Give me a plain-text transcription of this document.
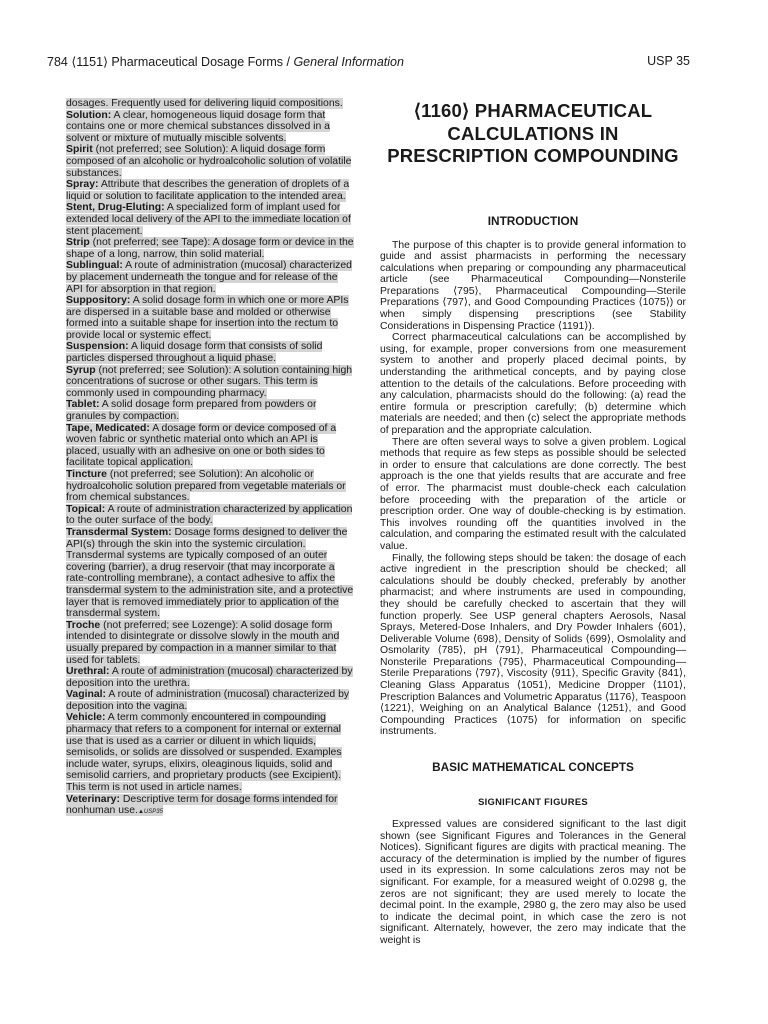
784 ⟨1151⟩ Pharmaceutical Dosage Forms / General Information	USP 35

dosages. Frequently used for delivering liquid compositions.

Solution: A clear, homogeneous liquid dosage form that contains one or more chemical substances dissolved in a solvent or mixture of mutually miscible solvents.

Spirit (not preferred; see Solution): A liquid dosage form composed of an alcoholic or hydroalcoholic solution of volatile substances.

Spray: Attribute that describes the generation of droplets of a liquid or solution to facilitate application to the intended area.

Stent, Drug-Eluting: A specialized form of implant used for extended local delivery of the API to the immediate location of stent placement.

Strip (not preferred; see Tape): A dosage form or device in the shape of a long, narrow, thin solid material.

Sublingual: A route of administration (mucosal) characterized by placement underneath the tongue and for release of the API for absorption in that region.

Suppository: A solid dosage form in which one or more APIs are dispersed in a suitable base and molded or otherwise formed into a suitable shape for insertion into the rectum to provide local or systemic effect.

Suspension: A liquid dosage form that consists of solid particles dispersed throughout a liquid phase.

Syrup (not preferred; see Solution): A solution containing high concentrations of sucrose or other sugars. This term is commonly used in compounding pharmacy.

Tablet: A solid dosage form prepared from powders or granules by compaction.

Tape, Medicated: A dosage form or device composed of a woven fabric or synthetic material onto which an API is placed, usually with an adhesive on one or both sides to facilitate topical application.

Tincture (not preferred; see Solution): An alcoholic or hydroalcoholic solution prepared from vegetable materials or from chemical substances.

Topical: A route of administration characterized by application to the outer surface of the body.

Transdermal System: Dosage forms designed to deliver the API(s) through the skin into the systemic circulation. Transdermal systems are typically composed of an outer covering (barrier), a drug reservoir (that may incorporate a rate-controlling membrane), a contact adhesive to affix the transdermal system to the administration site, and a protective layer that is removed immediately prior to application of the transdermal system.

Troche (not preferred; see Lozenge): A solid dosage form intended to disintegrate or dissolve slowly in the mouth and usually prepared by compaction in a manner similar to that used for tablets.

Urethral: A route of administration (mucosal) characterized by deposition into the urethra.

Vaginal: A route of administration (mucosal) characterized by deposition into the vagina.

Vehicle: A term commonly encountered in compounding pharmacy that refers to a component for internal or external use that is used as a carrier or diluent in which liquids, semisolids, or solids are dissolved or suspended. Examples include water, syrups, elixirs, oleaginous liquids, solid and semisolid carriers, and proprietary products (see Excipient). This term is not used in article names.

Veterinary: Descriptive term for dosage forms intended for nonhuman use.▲USP35

⟨1160⟩ PHARMACEUTICAL
CALCULATIONS IN
PRESCRIPTION COMPOUNDING
INTRODUCTION

The purpose of this chapter is to provide general information to guide and assist pharmacists in performing the necessary calculations when preparing or compounding any pharmaceutical article (see Pharmaceutical Compounding—Nonsterile Preparations ⟨795⟩, Pharmaceutical Compounding—Sterile Preparations ⟨797⟩, and Good Compounding Practices ⟨1075⟩) or when simply dispensing prescriptions (see Stability Considerations in Dispensing Practice ⟨1191⟩).

Correct pharmaceutical calculations can be accomplished by using, for example, proper conversions from one measurement system to another and properly placed decimal points, by understanding the arithmetical concepts, and by paying close attention to the details of the calculations. Before proceeding with any calculation, pharmacists should do the following: (a) read the entire formula or prescription carefully; (b) determine which materials are needed; and then (c) select the appropriate methods of preparation and the appropriate calculation.

There are often several ways to solve a given problem. Logical methods that require as few steps as possible should be selected in order to ensure that calculations are done correctly. The best approach is the one that yields results that are accurate and free of error. The pharmacist must double-check each calculation before proceeding with the preparation of the article or prescription order. One way of double-checking is by estimation. This involves rounding off the quantities involved in the calculation, and comparing the estimated result with the calculated value.

Finally, the following steps should be taken: the dosage of each active ingredient in the prescription should be checked; all calculations should be doubly checked, preferably by another pharmacist; and where instruments are used in compounding, they should be carefully checked to ascertain that they will function properly. See USP general chapters Aerosols, Nasal Sprays, Metered-Dose Inhalers, and Dry Powder Inhalers ⟨601⟩, Deliverable Volume ⟨698⟩, Density of Solids ⟨699⟩, Osmolality and Osmolarity ⟨785⟩, pH ⟨791⟩, Pharmaceutical Compounding—Nonsterile Preparations ⟨795⟩, Pharmaceutical Compounding—Sterile Preparations ⟨797⟩, Viscosity ⟨911⟩, Specific Gravity ⟨841⟩, Cleaning Glass Apparatus ⟨1051⟩, Medicine Dropper ⟨1101⟩, Prescription Balances and Volumetric Apparatus ⟨1176⟩, Teaspoon ⟨1221⟩, Weighing on an Analytical Balance ⟨1251⟩, and Good Compounding Practices ⟨1075⟩ for information on specific instruments.

BASIC MATHEMATICAL CONCEPTS
SIGNIFICANT FIGURES

Expressed values are considered significant to the last digit shown (see Significant Figures and Tolerances in the General Notices). Significant figures are digits with practical meaning. The accuracy of the determination is implied by the number of figures used in its expression. In some calculations zeros may not be significant. For example, for a measured weight of 0.0298 g, the zeros are not significant; they are used merely to locate the decimal point. In the example, 2980 g, the zero may also be used to indicate the decimal point, in which case the zero is not significant. Alternately, however, the zero may indicate that the weight is
